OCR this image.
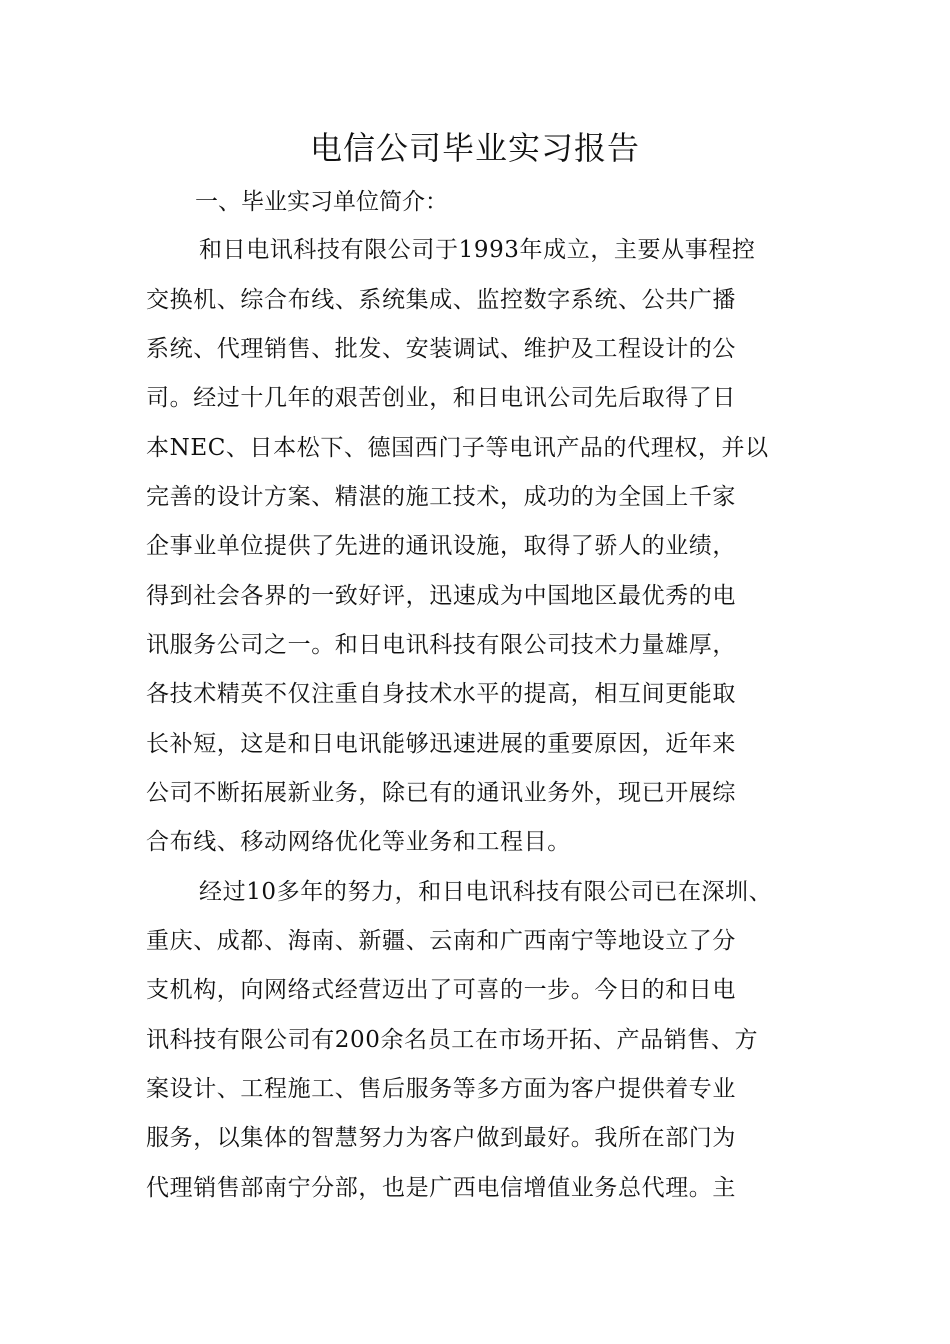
电信公司毕业实习报告
一、毕业实习单位简介：
和日电讯科技有限公司于1993年成立，主要从事程控
交换机、综合布线、系统集成、监控数字系统、公共广播
系统、代理销售、批发、安装调试、维护及工程设计的公
司。经过十几年的艰苦创业，和日电讯公司先后取得了日
本NEC、日本松下、德国西门子等电讯产品的代理权，并以
完善的设计方案、精湛的施工技术，成功的为全国上千家
企事业单位提供了先进的通讯设施，取得了骄人的业绩，
得到社会各界的一致好评，迅速成为中国地区最优秀的电
讯服务公司之一。和日电讯科技有限公司技术力量雄厚，
各技术精英不仅注重自身技术水平的提高，相互间更能取
长补短，这是和日电讯能够迅速进展的重要原因，近年来
公司不断拓展新业务，除已有的通讯业务外，现已开展综
合布线、移动网络优化等业务和工程目。
经过10多年的努力，和日电讯科技有限公司已在深圳、
重庆、成都、海南、新疆、云南和广西南宁等地设立了分
支机构，向网络式经营迈出了可喜的一步。今日的和日电
讯科技有限公司有200余名员工在市场开拓、产品销售、方
案设计、工程施工、售后服务等多方面为客户提供着专业
服务，以集体的智慧努力为客户做到最好。我所在部门为
代理销售部南宁分部，也是广西电信增值业务总代理。主
